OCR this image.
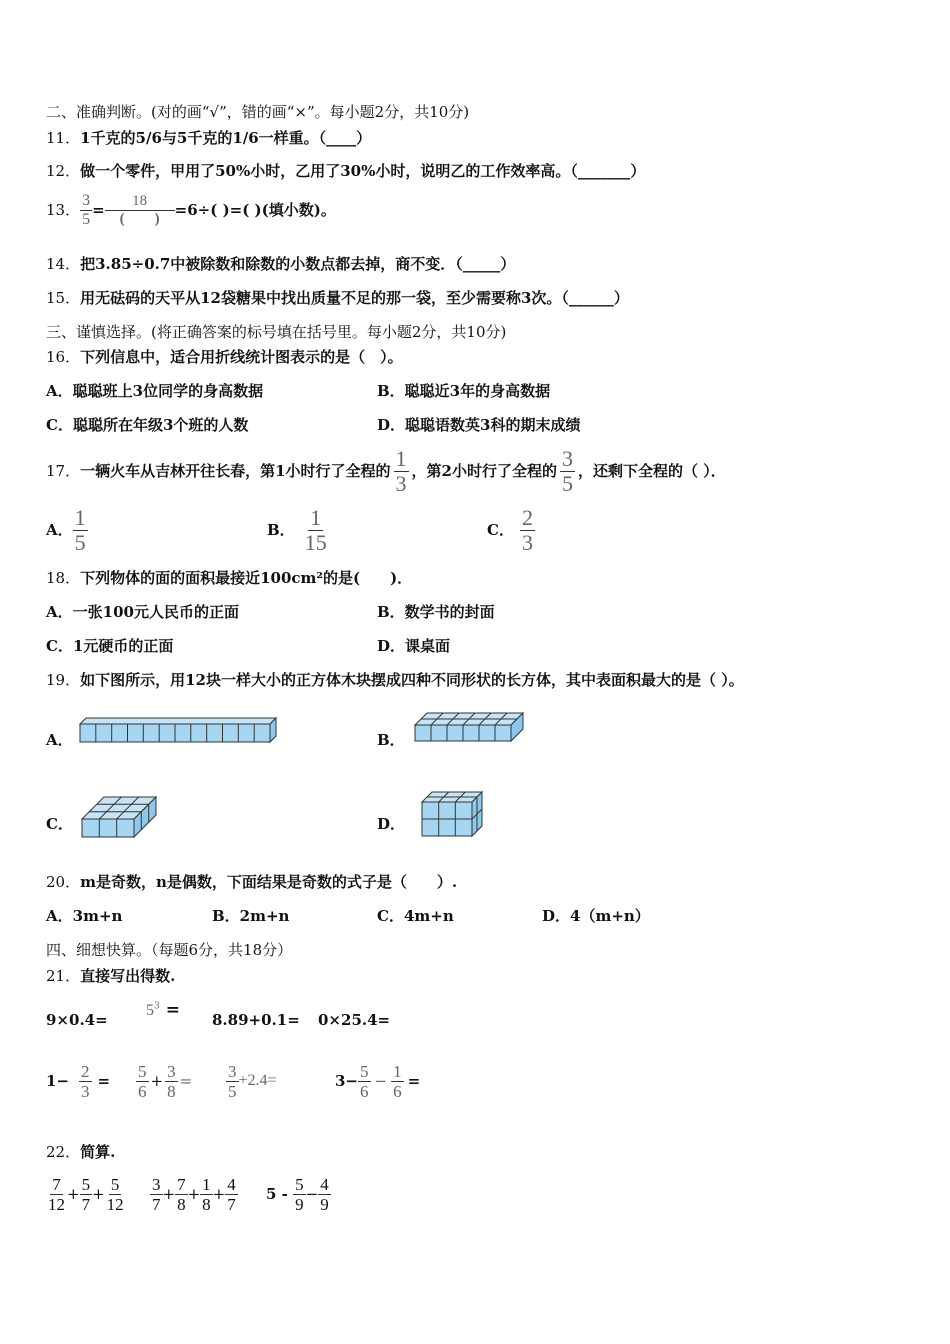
二、准确判断。(对的画“√”，错的画“×”。每小题2分，共10分)
11．1千克的5/6与5千克的1/6一样重。（____）
12．做一个零件，甲用了50%小时，乙用了30%小时，说明乙的工作效率高。（_______）
13． $\frac{3}{5} = \frac{18}{( )} =6\div$( )=( )(填小数)。
14．把3.85÷0.7中被除数和除数的小数点都去掉，商不变．（_____）
15．用无砝码的天平从12袋糖果中找出质量不足的那一袋，至少需要称3次。（______）
三、谨慎选择。(将正确答案的标号填在括号里。每小题2分，共10分)
16．下列信息中，适合用折线统计图表示的是（　）。
A．聪聪班上3位同学的身高数据	B．聪聪近3年的身高数据
C．聪聪所在年级3个班的人数	D．聪聪语数英3科的期末成绩
17． 一辆火车从吉林开往长春，第1小时行了全程的 $\frac{1}{3}$ ，第2小时行了全程的 $\frac{3}{5}$ ，还剩下全程的（ ）．
A． $\frac{1}{5}$	B． $\frac{1}{15}$	C． $\frac{2}{3}$
18．下列物体的面的面积最接近100cm²的是(　　)．
A．一张100元人民币的正面	B．数学书的封面
C．1元硬币的正面	D．课桌面
19．如下图所示，用12块一样大小的正方体木块摆成四种不同形状的长方体，其中表面积最大的是（ ）。
A．	B．
C．	D．
20．m是奇数，n是偶数，下面结果是奇数的式子是（　　）.
A．3m+n	B．2m+n	C．4m+n	D．4（m+n）
四、细想快算。（每题6分，共18分）
21．直接写出得数.
9×0.4=
$5^3 = 8.89+0.1= 0\times 25.4=$
$1- \frac{2}{3} = \frac{5}{6} + \frac{3}{8} = \frac{3}{5} +2.4=$	$3- \frac{5}{6} - \frac{1}{6}$ =
22．简算.
$\frac{7}{12} + \frac{5}{7} + \frac{5}{12} \frac{3}{7} + \frac{7}{8} + \frac{1}{8} + \frac{4}{7} 5 - \frac{5}{9} - \frac{4}{9}$
